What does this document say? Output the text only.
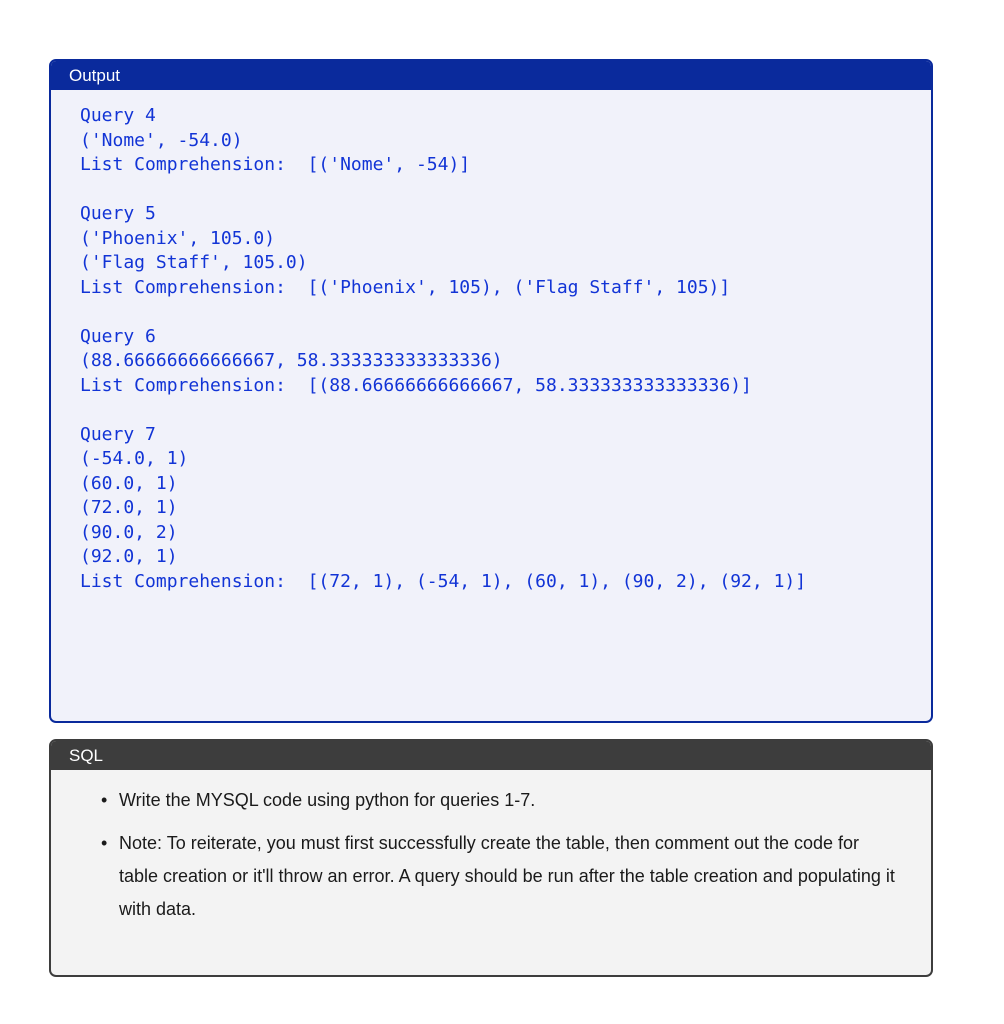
Output
Query 4
('Nome', -54.0)
List Comprehension:  [('Nome', -54)]
Query 5
('Phoenix', 105.0)
('Flag Staff', 105.0)
List Comprehension:  [('Phoenix', 105), ('Flag Staff', 105)]
Query 6
(88.66666666666667, 58.333333333333336)
List Comprehension:  [(88.66666666666667, 58.333333333333336)]
Query 7
(-54.0, 1)
(60.0, 1)
(72.0, 1)
(90.0, 2)
(92.0, 1)
List Comprehension:  [(72, 1), (-54, 1), (60, 1), (90, 2), (92, 1)]
SQL
• Write the MYSQL code using python for queries 1-7.
• Note: To reiterate, you must first successfully create the table, then comment out the code for table creation or it'll throw an error. A query should be run after the table creation and populating it with data.
